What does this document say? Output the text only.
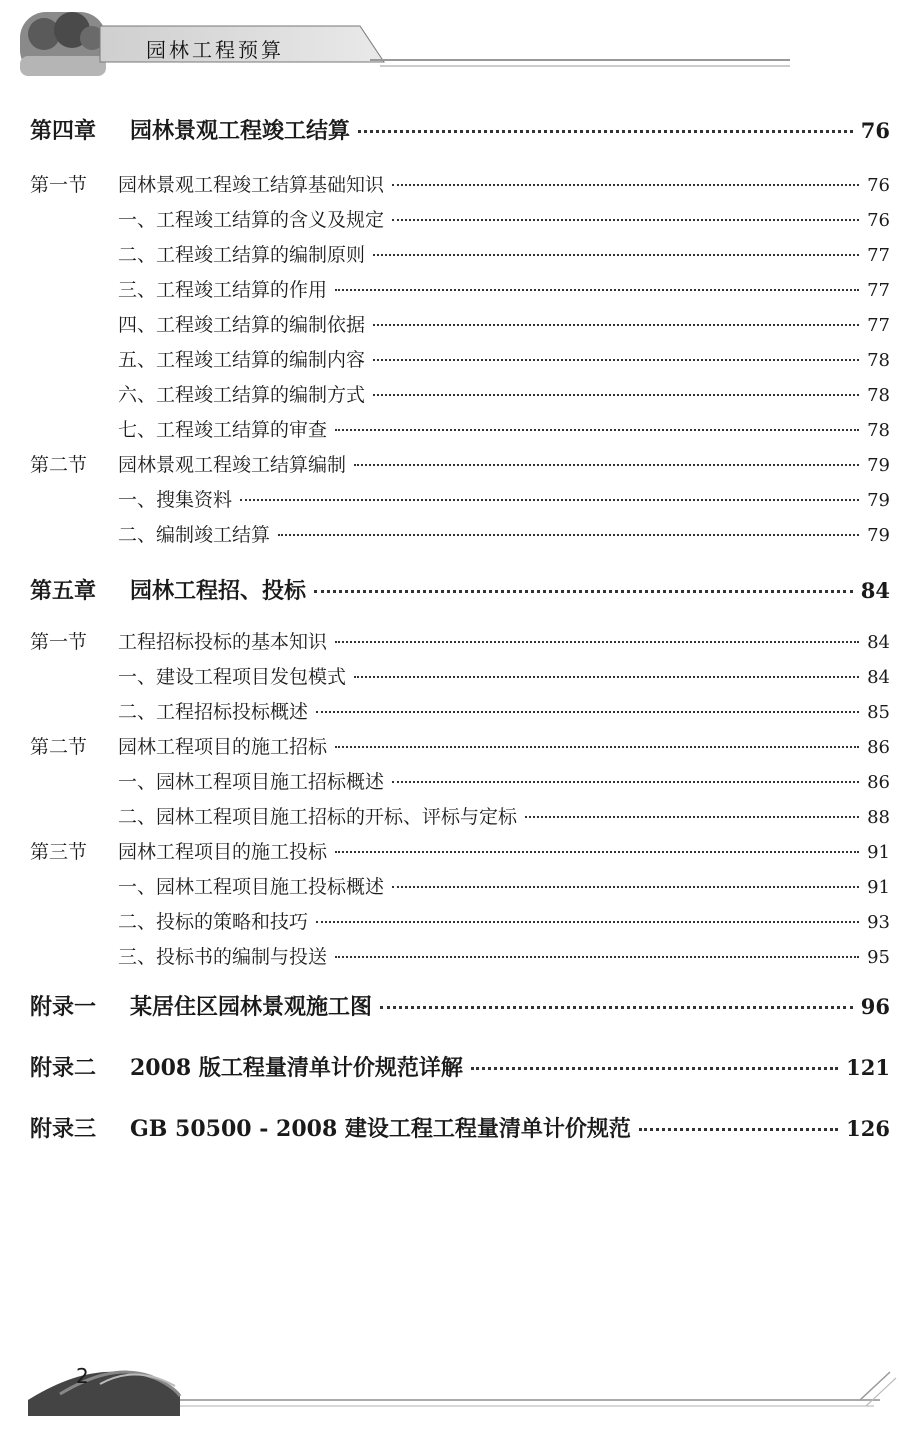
园林工程预算
第四章	园林景观工程竣工结算	76
第一节	园林景观工程竣工结算基础知识	76
一、工程竣工结算的含义及规定	76
二、工程竣工结算的编制原则	77
三、工程竣工结算的作用	77
四、工程竣工结算的编制依据	77
五、工程竣工结算的编制内容	78
六、工程竣工结算的编制方式	78
七、工程竣工结算的审查	78
第二节	园林景观工程竣工结算编制	79
一、搜集资料	79
二、编制竣工结算	79
第五章	园林工程招、投标	84
第一节	工程招标投标的基本知识	84
一、建设工程项目发包模式	84
二、工程招标投标概述	85
第二节	园林工程项目的施工招标	86
一、园林工程项目施工招标概述	86
二、园林工程项目施工招标的开标、评标与定标	88
第三节	园林工程项目的施工投标	91
一、园林工程项目施工投标概述	91
二、投标的策略和技巧	93
三、投标书的编制与投送	95
附录一	某居住区园林景观施工图	96
附录二	2008 版工程量清单计价规范详解	121
附录三	GB 50500 - 2008 建设工程工程量清单计价规范	126
2
